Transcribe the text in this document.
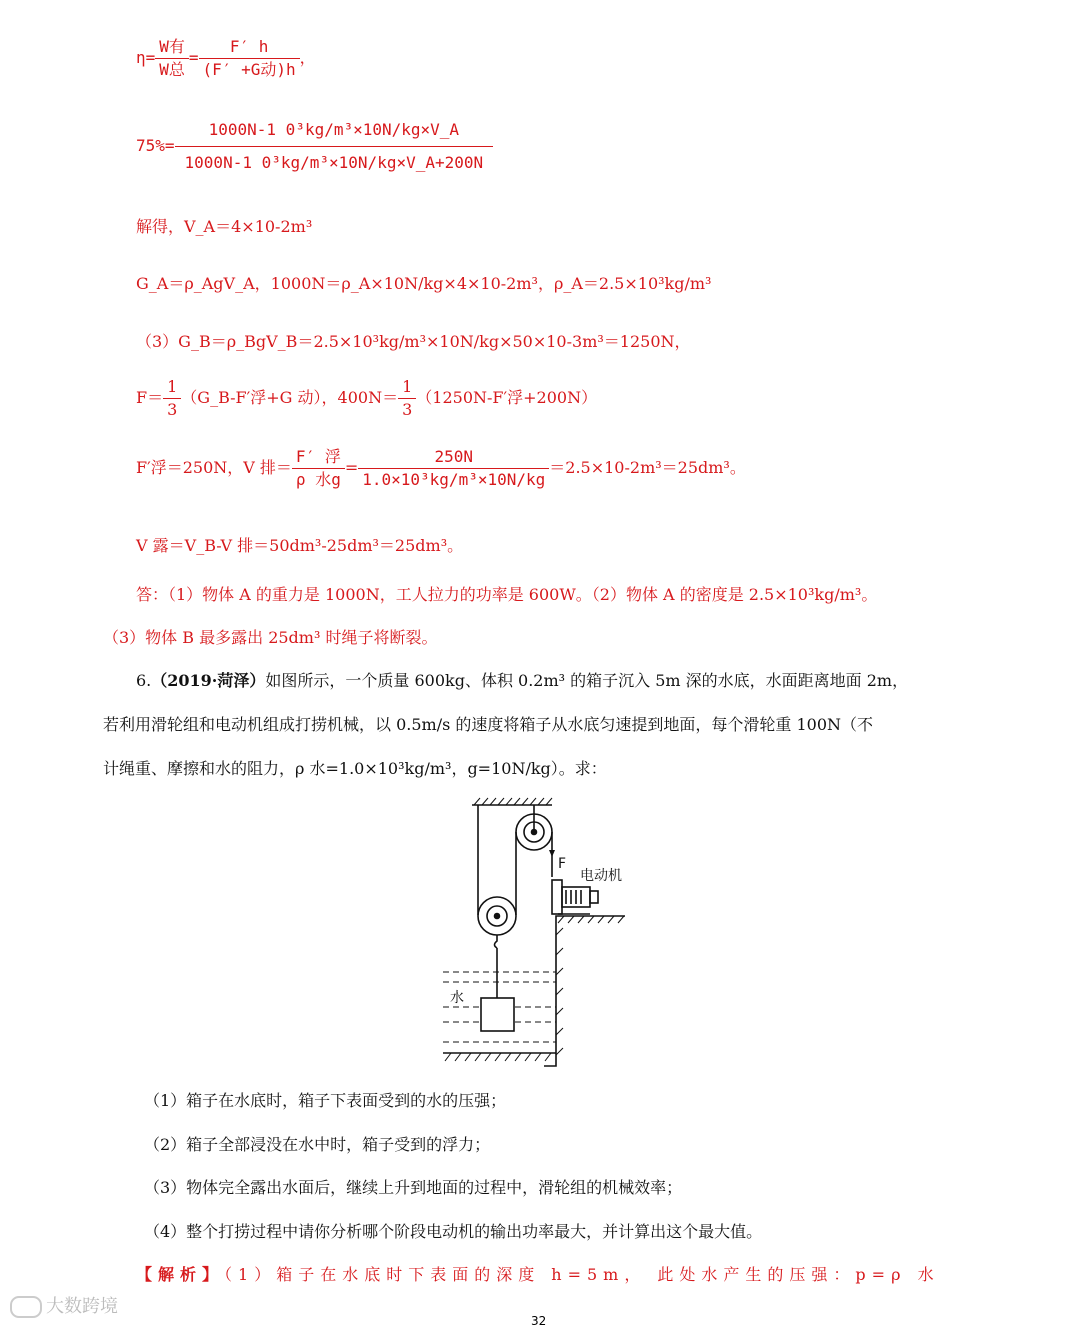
$\eta= \frac{\text{W有}}{\text{W总}} = \frac{F' h}{\text{(F′ +G动)h}}$ ，
$75\%= \frac{\text{1000N-1 0³kg/m³×10N/kg×V\_A}}{\text{1000N-1 0³kg/m³×10N/kg×V\_A+200N}}$
解得，V_A＝4×10-2m³
G_A＝ρ_AgV_A，1000N＝ρ_A×10N/kg×4×10-2m³，ρ_A＝2.5×10³kg/m³
（3）G_B＝ρ_BgV_B＝2.5×10³kg/m³×10N/kg×50×10-3m³＝1250N，
$F= \frac{1}{3}$ （G_B-F′浮+G 动），$400N= \frac{1}{3} (1250N-F'$浮+200N）
F′浮＝250N，V 排＝ $\frac{\text{F′ 浮}}{\text{ρ 水g}} = \frac{250N}{\text{1.0×10³kg/m³×10N/kg}} =2.5\times 10-2m^3=25dm^3$。
V 露＝V_B-V 排＝50dm³-25dm³＝25dm³。
答：（1）物体 A 的重力是 1000N，工人拉力的功率是 600W。（2）物体 A 的密度是 2.5×10³kg/m³。
（3）物体 B 最多露出 25dm³ 时绳子将断裂。
6.（2019·菏泽）如图所示，一个质量 600kg、体积 0.2m³ 的箱子沉入 5m 深的水底，水面距离地面 2m，
若利用滑轮组和电动机组成打捞机械，以 0.5m/s 的速度将箱子从水底匀速提到地面，每个滑轮重 100N（不
计绳重、摩擦和水的阻力，ρ 水=1.0×10³kg/m³，g=10N/kg）。求：
F
电动机
水
（1）箱子在水底时，箱子下表面受到的水的压强；
（2）箱子全部浸没在水中时，箱子受到的浮力；
（3）物体完全露出水面后，继续上升到地面的过程中，滑轮组的机械效率；
（4）整个打捞过程中请你分析哪个阶段电动机的输出功率最大，并计算出这个最大值。
【解析】（1）箱子在水底时下表面的深度 h=5m， 此处水产生的压强：p=ρ 水
大数跨境
32
